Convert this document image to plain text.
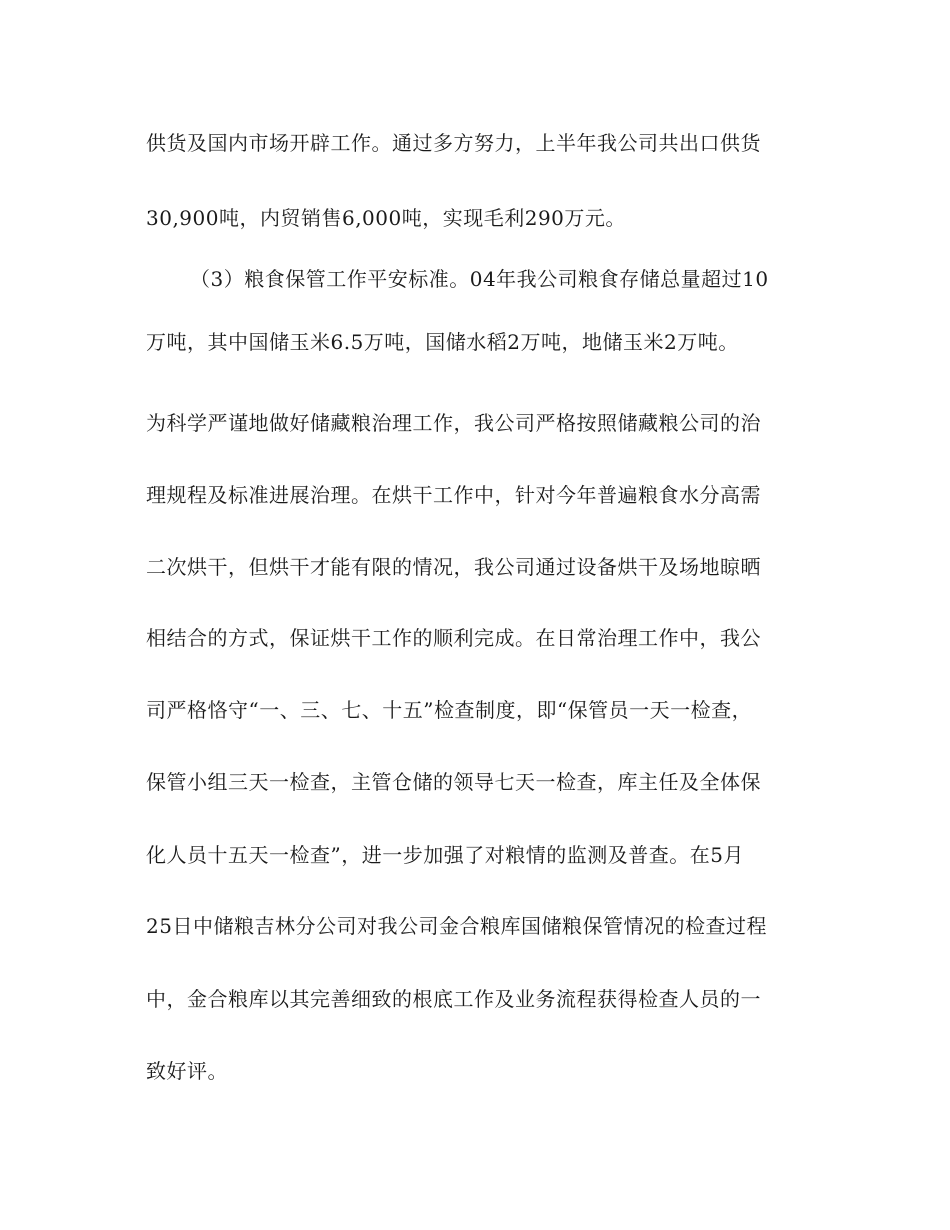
供货及国内市场开辟工作。通过多方努力，上半年我公司共出口供货
30,900吨，内贸销售6,000吨，实现毛利290万元。
（3）粮食保管工作平安标准。04年我公司粮食存储总量超过10
万吨，其中国储玉米6.5万吨，国储水稻2万吨，地储玉米2万吨。
为科学严谨地做好储藏粮治理工作，我公司严格按照储藏粮公司的治
理规程及标准进展治理。在烘干工作中，针对今年普遍粮食水分高需
二次烘干，但烘干才能有限的情况，我公司通过设备烘干及场地晾晒
相结合的方式，保证烘干工作的顺利完成。在日常治理工作中，我公
司严格恪守“一、三、七、十五”检查制度，即“保管员一天一检查，
保管小组三天一检查，主管仓储的领导七天一检查，库主任及全体保
化人员十五天一检查”，进一步加强了对粮情的监测及普查。在5月
25日中储粮吉林分公司对我公司金合粮库国储粮保管情况的检查过程
中，金合粮库以其完善细致的根底工作及业务流程获得检查人员的一
致好评。
